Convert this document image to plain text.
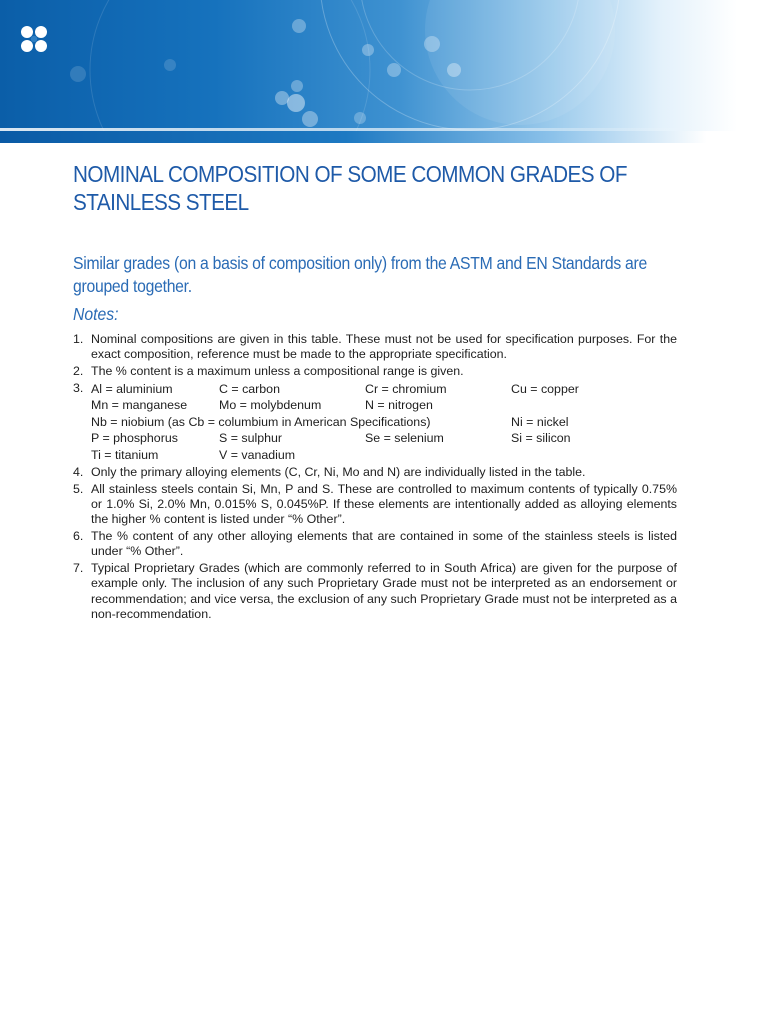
NOMINAL COMPOSITION OF SOME COMMON GRADES OF STAINLESS STEEL
Similar grades (on a basis of composition only) from the ASTM and EN Standards are grouped together.
Notes:
1. Nominal compositions are given in this table. These must not be used for specification purposes. For the exact composition, reference must be made to the appropriate specification.
2. The % content is a maximum unless a compositional range is given.
3. Al = aluminium	C = carbon	Cr = chromium	Cu = copper
Mn = manganese	Mo = molybdenum	N = nitrogen
Nb = niobium (as Cb = columbium in American Specifications)	Ni = nickel
P = phosphorus	S = sulphur	Se = selenium	Si = silicon
Ti = titanium	V = vanadium
4. Only the primary alloying elements (C, Cr, Ni, Mo and N) are individually listed in the table.
5. All stainless steels contain Si, Mn, P and S. These are controlled to maximum contents of typically 0.75% or 1.0% Si, 2.0% Mn, 0.015% S, 0.045%P. If these elements are intentionally added as alloying elements the higher % content is listed under “% Other”.
6. The % content of any other alloying elements that are contained in some of the stainless steels is listed under “% Other”.
7. Typical Proprietary Grades (which are commonly referred to in South Africa) are given for the purpose of example only. The inclusion of any such Proprietary Grade must not be interpreted as an endorsement or recommendation; and vice versa, the exclusion of any such Proprietary Grade must not be interpreted as a non-recommendation.
